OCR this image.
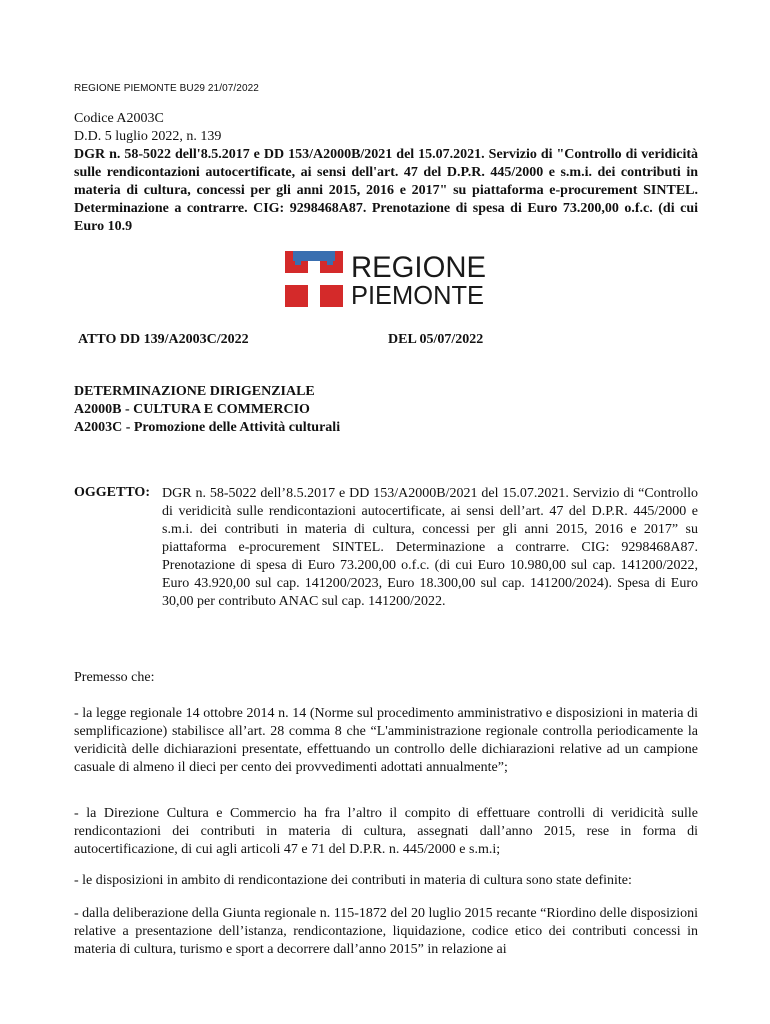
REGIONE PIEMONTE BU29 21/07/2022

Codice A2003C

D.D. 5 luglio 2022, n. 139

DGR n. 58-5022 dell'8.5.2017 e DD 153/A2000B/2021 del 15.07.2021. Servizio di "Controllo di veridicità sulle rendicontazioni autocertificate, ai sensi dell'art. 47 del D.P.R. 445/2000 e s.m.i. dei contributi in materia di cultura, concessi per gli anni 2015, 2016 e 2017" su piattaforma e-procurement SINTEL. Determinazione a contrarre. CIG: 9298468A87. Prenotazione di spesa di Euro 73.200,00 o.f.c. (di cui Euro 10.9

REGIONE
PIEMONTE
ATTO DD 139/A2003C/2022	DEL 05/07/2022

DETERMINAZIONE DIRIGENZIALE

A2000B - CULTURA E COMMERCIO

A2003C - Promozione delle Attività culturali

OGGETTO: DGR n. 58-5022 dell’8.5.2017 e DD 153/A2000B/2021 del 15.07.2021. Servizio di “Controllo di veridicità sulle rendicontazioni autocertificate, ai sensi dell’art. 47 del D.P.R. 445/2000 e s.m.i. dei contributi in materia di cultura, concessi per gli anni 2015, 2016 e 2017” su piattaforma e-procurement SINTEL. Determinazione a contrarre. CIG: 9298468A87. Prenotazione di spesa di Euro 73.200,00 o.f.c. (di cui Euro 10.980,00 sul cap. 141200/2022, Euro 43.920,00 sul cap. 141200/2023, Euro 18.300,00 sul cap. 141200/2024). Spesa di Euro 30,00 per contributo ANAC sul cap. 141200/2022.

Premesso che:

- la legge regionale 14 ottobre 2014 n. 14 (Norme sul procedimento amministrativo e disposizioni in materia di semplificazione) stabilisce all’art. 28 comma 8 che “L'amministrazione regionale controlla periodicamente la veridicità delle dichiarazioni presentate, effettuando un controllo delle dichiarazioni relative ad un campione casuale di almeno il dieci per cento dei provvedimenti adottati annualmente”;

- la Direzione Cultura e Commercio ha fra l’altro il compito di effettuare controlli di veridicità sulle rendicontazioni dei contributi in materia di cultura, assegnati dall’anno 2015, rese in forma di autocertificazione, di cui agli articoli 47 e 71 del D.P.R. n. 445/2000 e s.m.i;

- le disposizioni in ambito di rendicontazione dei contributi in materia di cultura sono state definite:

- dalla deliberazione della Giunta regionale n. 115-1872 del 20 luglio 2015 recante “Riordino delle disposizioni relative a presentazione dell’istanza, rendicontazione, liquidazione, codice etico dei contributi concessi in materia di cultura, turismo e sport a decorrere dall’anno 2015” in relazione ai
